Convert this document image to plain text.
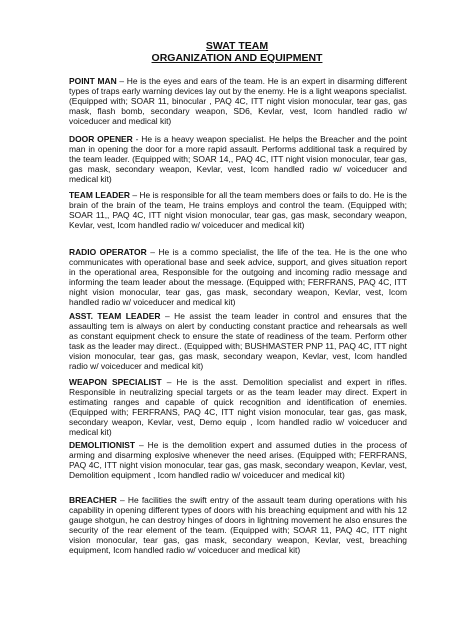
SWAT TEAM
ORGANIZATION AND EQUIPMENT

POINT MAN – He is the eyes and ears of the team. He is an expert in disarming different types of traps early warning devices lay out by the enemy. He is a light weapons specialist.(Equipped with; SOAR 11, binocular , PAQ 4C, ITT night vision monocular, tear gas, gas mask, flash bomb, secondary weapon, SD6, Kevlar, vest, Icom handled radio w/ voiceducer and medical kit)

DOOR OPENER - He is a heavy weapon specialist. He helps the Breacher and the point man in opening the door for a more rapid assault. Performs additional task a required by the team leader. (Equipped with; SOAR 14,, PAQ 4C, ITT night vision monocular, tear gas, gas mask, secondary weapon, Kevlar, vest, Icom handled radio w/ voiceducer and medical kit)

TEAM LEADER – He is responsible for all the team members does or fails to do. He is the brain of the brain of the team, He trains employs and control the team. (Equipped with; SOAR 11,, PAQ 4C, ITT night vision monocular, tear gas, gas mask, secondary weapon, Kevlar, vest, Icom handled radio w/ voiceducer and medical kit)

RADIO OPERATOR – He is a commo specialist, the life of the tea. He is the one who communicates with operational base and seek advice, support, and gives situation report in the operational area, Responsible for the outgoing and incoming radio message and informing the team leader about the message. (Equipped with; FERFRANS, PAQ 4C, ITT night vision monocular, tear gas, gas mask, secondary weapon, Kevlar, vest, Icom handled radio w/ voiceducer and medical kit)

ASST. TEAM LEADER – He assist the team leader in control and ensures that the assaulting tem is always on alert by conducting constant practice and rehearsals as well as constant equipment check to ensure the state of readiness of the team. Perform other task as the leader may direct.. (Equipped with; BUSHMASTER PNP 11, PAQ 4C, ITT night vision monocular, tear gas, gas mask, secondary weapon, Kevlar, vest, Icom handled radio w/ voiceducer and medical kit)

WEAPON SPECIALIST – He is the asst. Demolition specialist and expert in rifles. Responsible in neutralizing special targets or as the team leader may direct. Expert in estimating ranges and capable of quick recognition and identification of enemies. (Equipped with; FERFRANS, PAQ 4C, ITT night vision monocular, tear gas, gas mask, secondary weapon, Kevlar, vest, Demo equip , Icom handled radio w/ voiceducer and medical kit)

DEMOLITIONIST – He is the demolition expert and assumed duties in the process of arming and disarming explosive whenever the need arises. (Equipped with; FERFRANS, PAQ 4C, ITT night vision monocular, tear gas, gas mask, secondary weapon, Kevlar, vest, Demolition equipment , Icom handled radio w/ voiceducer and medical kit)

BREACHER – He facilities the swift entry of the assault team during operations with his capability in opening different types of doors with his breaching equipment and with his 12 gauge shotgun, he can destroy hinges of doors in lightning movement he also ensures the security of the rear element of the team. (Equipped with; SOAR 11, PAQ 4C, ITT night vision monocular, tear gas, gas mask, secondary weapon, Kevlar, vest, breaching equipment, Icom handled radio w/ voiceducer and medical kit)
